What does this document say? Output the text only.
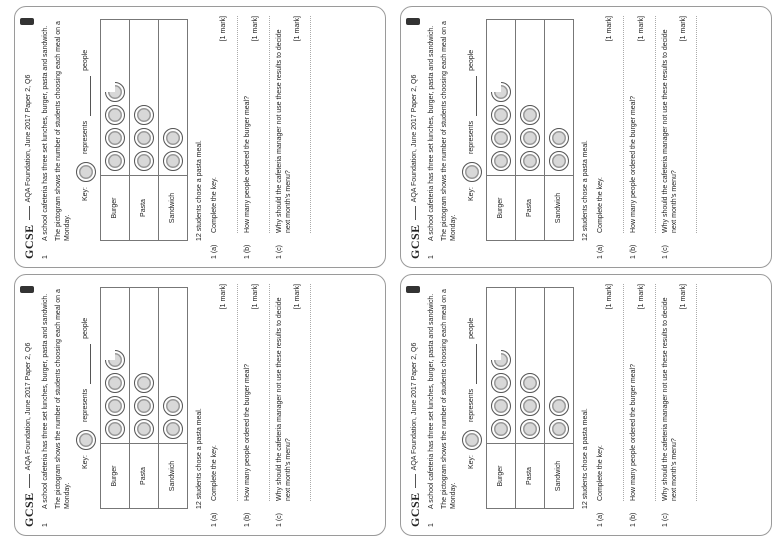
GCSE
AQA Foundation, June 2017 Paper 2, Q6
1

A school cafeteria has three set lunches, burger, pasta and sandwich. The pictogram shows the number of students choosing each meal on a Monday.

Key:
represents
people
Burger	
Pasta	
Sandwich		12 students chose a pasta meal.
1 (a)
Complete the key.
[1 mark]
1 (b)
How many people ordered the burger meal?
[1 mark]
1 (c)
Why should the cafeteria manager not use these results to decide next month's menu?
[1 mark]
GCSE
AQA Foundation, June 2017 Paper 2, Q6
1

A school cafeteria has three set lunches, burger, pasta and sandwich. The pictogram shows the number of students choosing each meal on a Monday.

Key:
represents
people
Burger	
Pasta	
Sandwich		12 students chose a pasta meal.
1 (a)
Complete the key.
[1 mark]
1 (b)
How many people ordered the burger meal?
[1 mark]
1 (c)
Why should the cafeteria manager not use these results to decide next month's menu?
[1 mark]
GCSE
AQA Foundation, June 2017 Paper 2, Q6
1

A school cafeteria has three set lunches, burger, pasta and sandwich. The pictogram shows the number of students choosing each meal on a Monday.

Key:
represents
people
Burger	
Pasta	
Sandwich		12 students chose a pasta meal.
1 (a)
Complete the key.
[1 mark]
1 (b)
How many people ordered the burger meal?
[1 mark]
1 (c)
Why should the cafeteria manager not use these results to decide next month's menu?
[1 mark]
GCSE
AQA Foundation, June 2017 Paper 2, Q6
1

A school cafeteria has three set lunches, burger, pasta and sandwich. The pictogram shows the number of students choosing each meal on a Monday.

Key:
represents
people
Burger	
Pasta	
Sandwich		12 students chose a pasta meal.
1 (a)
Complete the key.
[1 mark]
1 (b)
How many people ordered the burger meal?
[1 mark]
1 (c)
Why should the cafeteria manager not use these results to decide next month's menu?
[1 mark]
